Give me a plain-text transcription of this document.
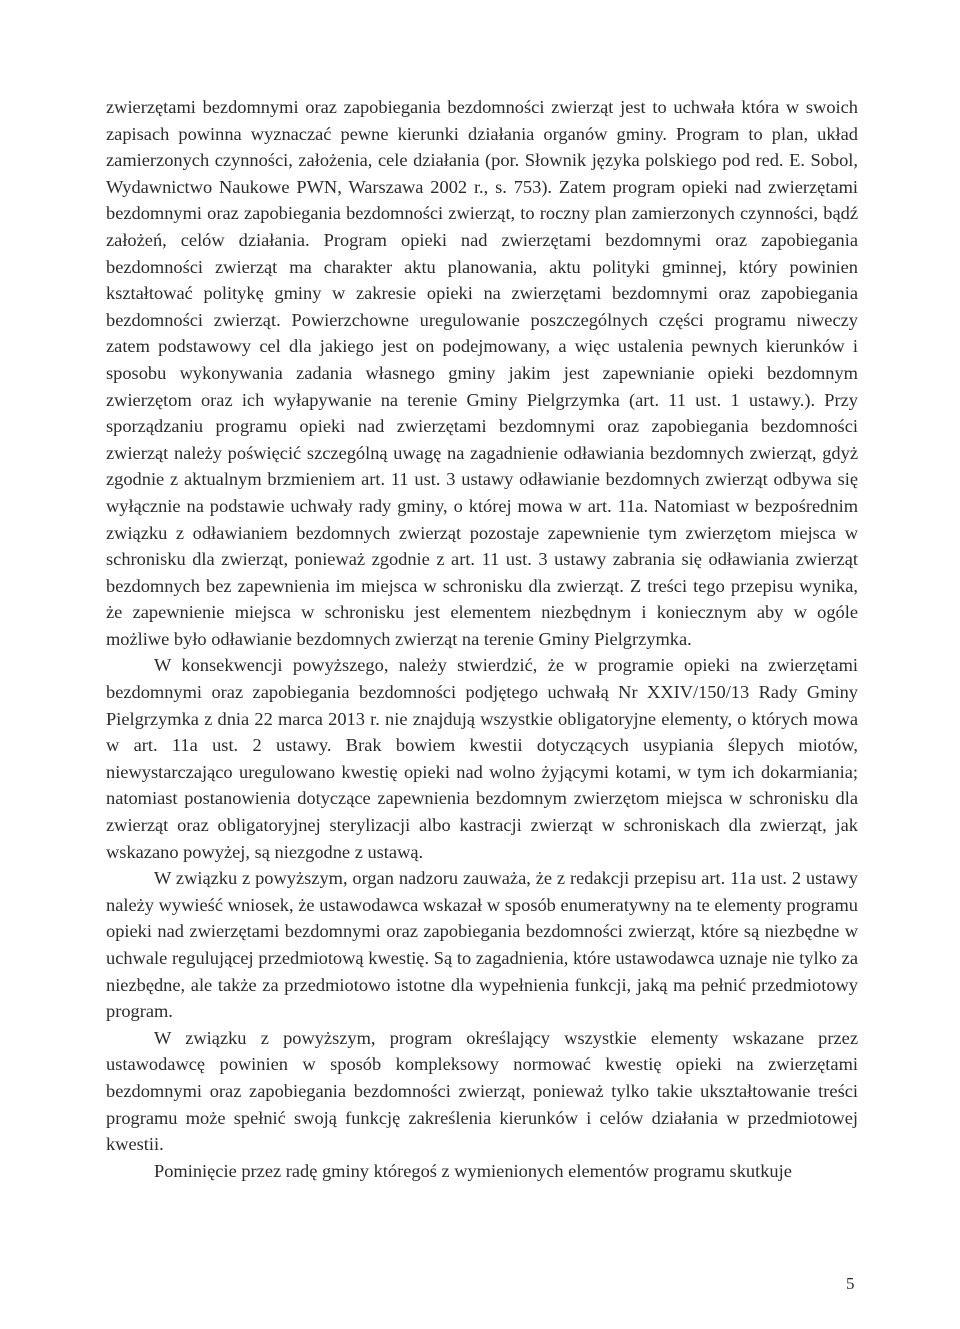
zwierzętami bezdomnymi oraz zapobiegania bezdomności zwierząt jest to uchwała która w swoich zapisach powinna wyznaczać pewne kierunki działania organów gminy. Program to plan, układ zamierzonych czynności, założenia, cele działania (por. Słownik języka polskiego pod red. E. Sobol, Wydawnictwo Naukowe PWN, Warszawa 2002 r., s. 753). Zatem program opieki nad zwierzętami bezdomnymi oraz zapobiegania bezdomności zwierząt, to roczny plan zamierzonych czynności, bądź założeń, celów działania. Program opieki nad zwierzętami bezdomnymi oraz zapobiegania bezdomności zwierząt ma charakter aktu planowania, aktu polityki gminnej, który powinien kształtować politykę gminy w zakresie opieki na zwierzętami bezdomnymi oraz zapobiegania bezdomności zwierząt. Powierzchowne uregulowanie poszczególnych części programu niweczy zatem podstawowy cel dla jakiego jest on podejmowany, a więc ustalenia pewnych kierunków i sposobu wykonywania zadania własnego gminy jakim jest zapewnianie opieki bezdomnym zwierzętom oraz ich wyłapywanie na terenie Gminy Pielgrzymka (art. 11 ust. 1 ustawy.). Przy sporządzaniu programu opieki nad zwierzętami bezdomnymi oraz zapobiegania bezdomności zwierząt należy poświęcić szczególną uwagę na zagadnienie odławiania bezdomnych zwierząt, gdyż zgodnie z aktualnym brzmieniem art. 11 ust. 3 ustawy odławianie bezdomnych zwierząt odbywa się wyłącznie na podstawie uchwały rady gminy, o której mowa w art. 11a. Natomiast w bezpośrednim związku z odławianiem bezdomnych zwierząt pozostaje zapewnienie tym zwierzętom miejsca w schronisku dla zwierząt, ponieważ zgodnie z art. 11 ust. 3 ustawy zabrania się odławiania zwierząt bezdomnych bez zapewnienia im miejsca w schronisku dla zwierząt. Z treści tego przepisu wynika, że zapewnienie miejsca w schronisku jest elementem niezbędnym i koniecznym aby w ogóle możliwe było odławianie bezdomnych zwierząt na terenie Gminy Pielgrzymka.

W konsekwencji powyższego, należy stwierdzić, że w programie opieki na zwierzętami bezdomnymi oraz zapobiegania bezdomności podjętego uchwałą Nr XXIV/150/13 Rady Gminy Pielgrzymka z dnia 22 marca 2013 r. nie znajdują wszystkie obligatoryjne elementy, o których mowa w art. 11a ust. 2 ustawy. Brak bowiem kwestii dotyczących usypiania ślepych miotów, niewystarczająco uregulowano kwestię opieki nad wolno żyjącymi kotami, w tym ich dokarmiania; natomiast postanowienia dotyczące zapewnienia bezdomnym zwierzętom miejsca w schronisku dla zwierząt oraz obligatoryjnej sterylizacji albo kastracji zwierząt w schroniskach dla zwierząt, jak wskazano powyżej, są niezgodne z ustawą.

W związku z powyższym, organ nadzoru zauważa, że z redakcji przepisu art. 11a ust. 2 ustawy należy wywieść wniosek, że ustawodawca wskazał w sposób enumeratywny na te elementy programu opieki nad zwierzętami bezdomnymi oraz zapobiegania bezdomności zwierząt, które są niezbędne w uchwale regulującej przedmiotową kwestię. Są to zagadnienia, które ustawodawca uznaje nie tylko za niezbędne, ale także za przedmiotowo istotne dla wypełnienia funkcji, jaką ma pełnić przedmiotowy program.

W związku z powyższym, program określający wszystkie elementy wskazane przez ustawodawcę powinien w sposób kompleksowy normować kwestię opieki na zwierzętami bezdomnymi oraz zapobiegania bezdomności zwierząt, ponieważ tylko takie ukształtowanie treści programu może spełnić swoją funkcję zakreślenia kierunków i celów działania w przedmiotowej kwestii.

Pominięcie przez radę gminy któregoś z wymienionych elementów programu skutkuje

5
